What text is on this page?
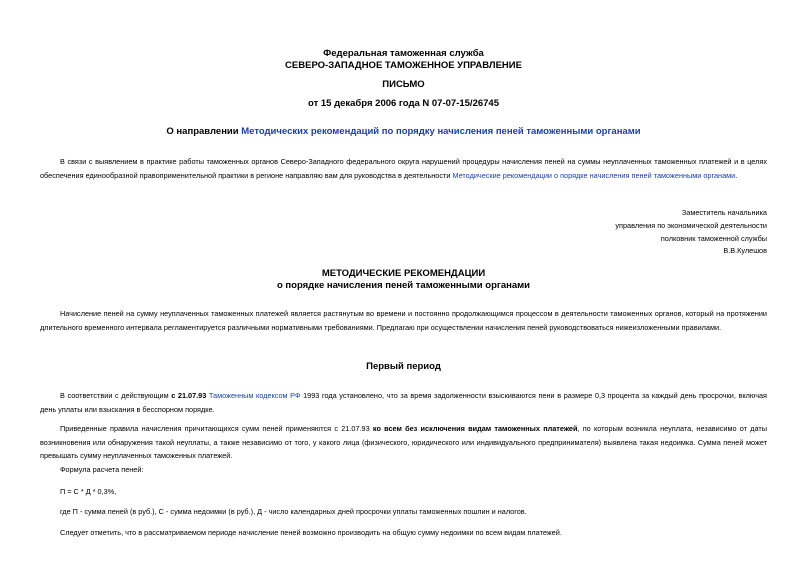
Федеральная таможенная служба
СЕВЕРО-ЗАПАДНОЕ ТАМОЖЕННОЕ УПРАВЛЕНИЕ
ПИСЬМО
от 15 декабря 2006 года N 07-07-15/26745
О направлении Методических рекомендаций по порядку начисления пеней таможенными органами
В связи с выявлением в практике работы таможенных органов Северо-Западного федерального округа нарушений процедуры начисления пеней на суммы неуплаченных таможенных платежей и в целях обеспечения единообразной правоприменительной практики в регионе направляю вам для руководства в деятельности Методические рекомендации о порядке начисления пеней таможенными органами.
Заместитель начальника
управления по экономической деятельности
полковник таможенной службы
В.В.Кулешов
МЕТОДИЧЕСКИЕ РЕКОМЕНДАЦИИ
о порядке начисления пеней таможенными органами
Начисление пеней на сумму неуплаченных таможенных платежей является растянутым во времени и постоянно продолжающимся процессом в деятельности таможенных органов, который на протяжении длительного временного интервала регламентируется различными нормативными требованиями. Предлагаю при осуществлении начисления пеней руководствоваться нижеизложенными правилами.
Первый период
В соответствии с действующим с 21.07.93 Таможенным кодексом РФ 1993 года установлено, что за время задолженности взыскиваются пени в размере 0,3 процента за каждый день просрочки, включая день уплаты или взыскания в бесспорном порядке.
Приведенные правила начисления причитающихся сумм пеней применяются с 21.07.93 ко всем без исключения видам таможенных платежей, по которым возникла неуплата, независимо от даты возникновения или обнаружения такой неуплаты, а также независимо от того, у какого лица (физического, юридического или индивидуального предпринимателя) выявлена такая недоимка. Сумма пеней может превышать сумму неуплаченных таможенных платежей.
Формула расчета пеней:
П = С * Д * 0,3%,
где П - сумма пеней (в руб.), С - сумма недоимки (в руб.), Д - число календарных дней просрочки уплаты таможенных пошлин и налогов.
Следует отметить, что в рассматриваемом периоде начисление пеней возможно производить на общую сумму недоимки по всем видам платежей.
